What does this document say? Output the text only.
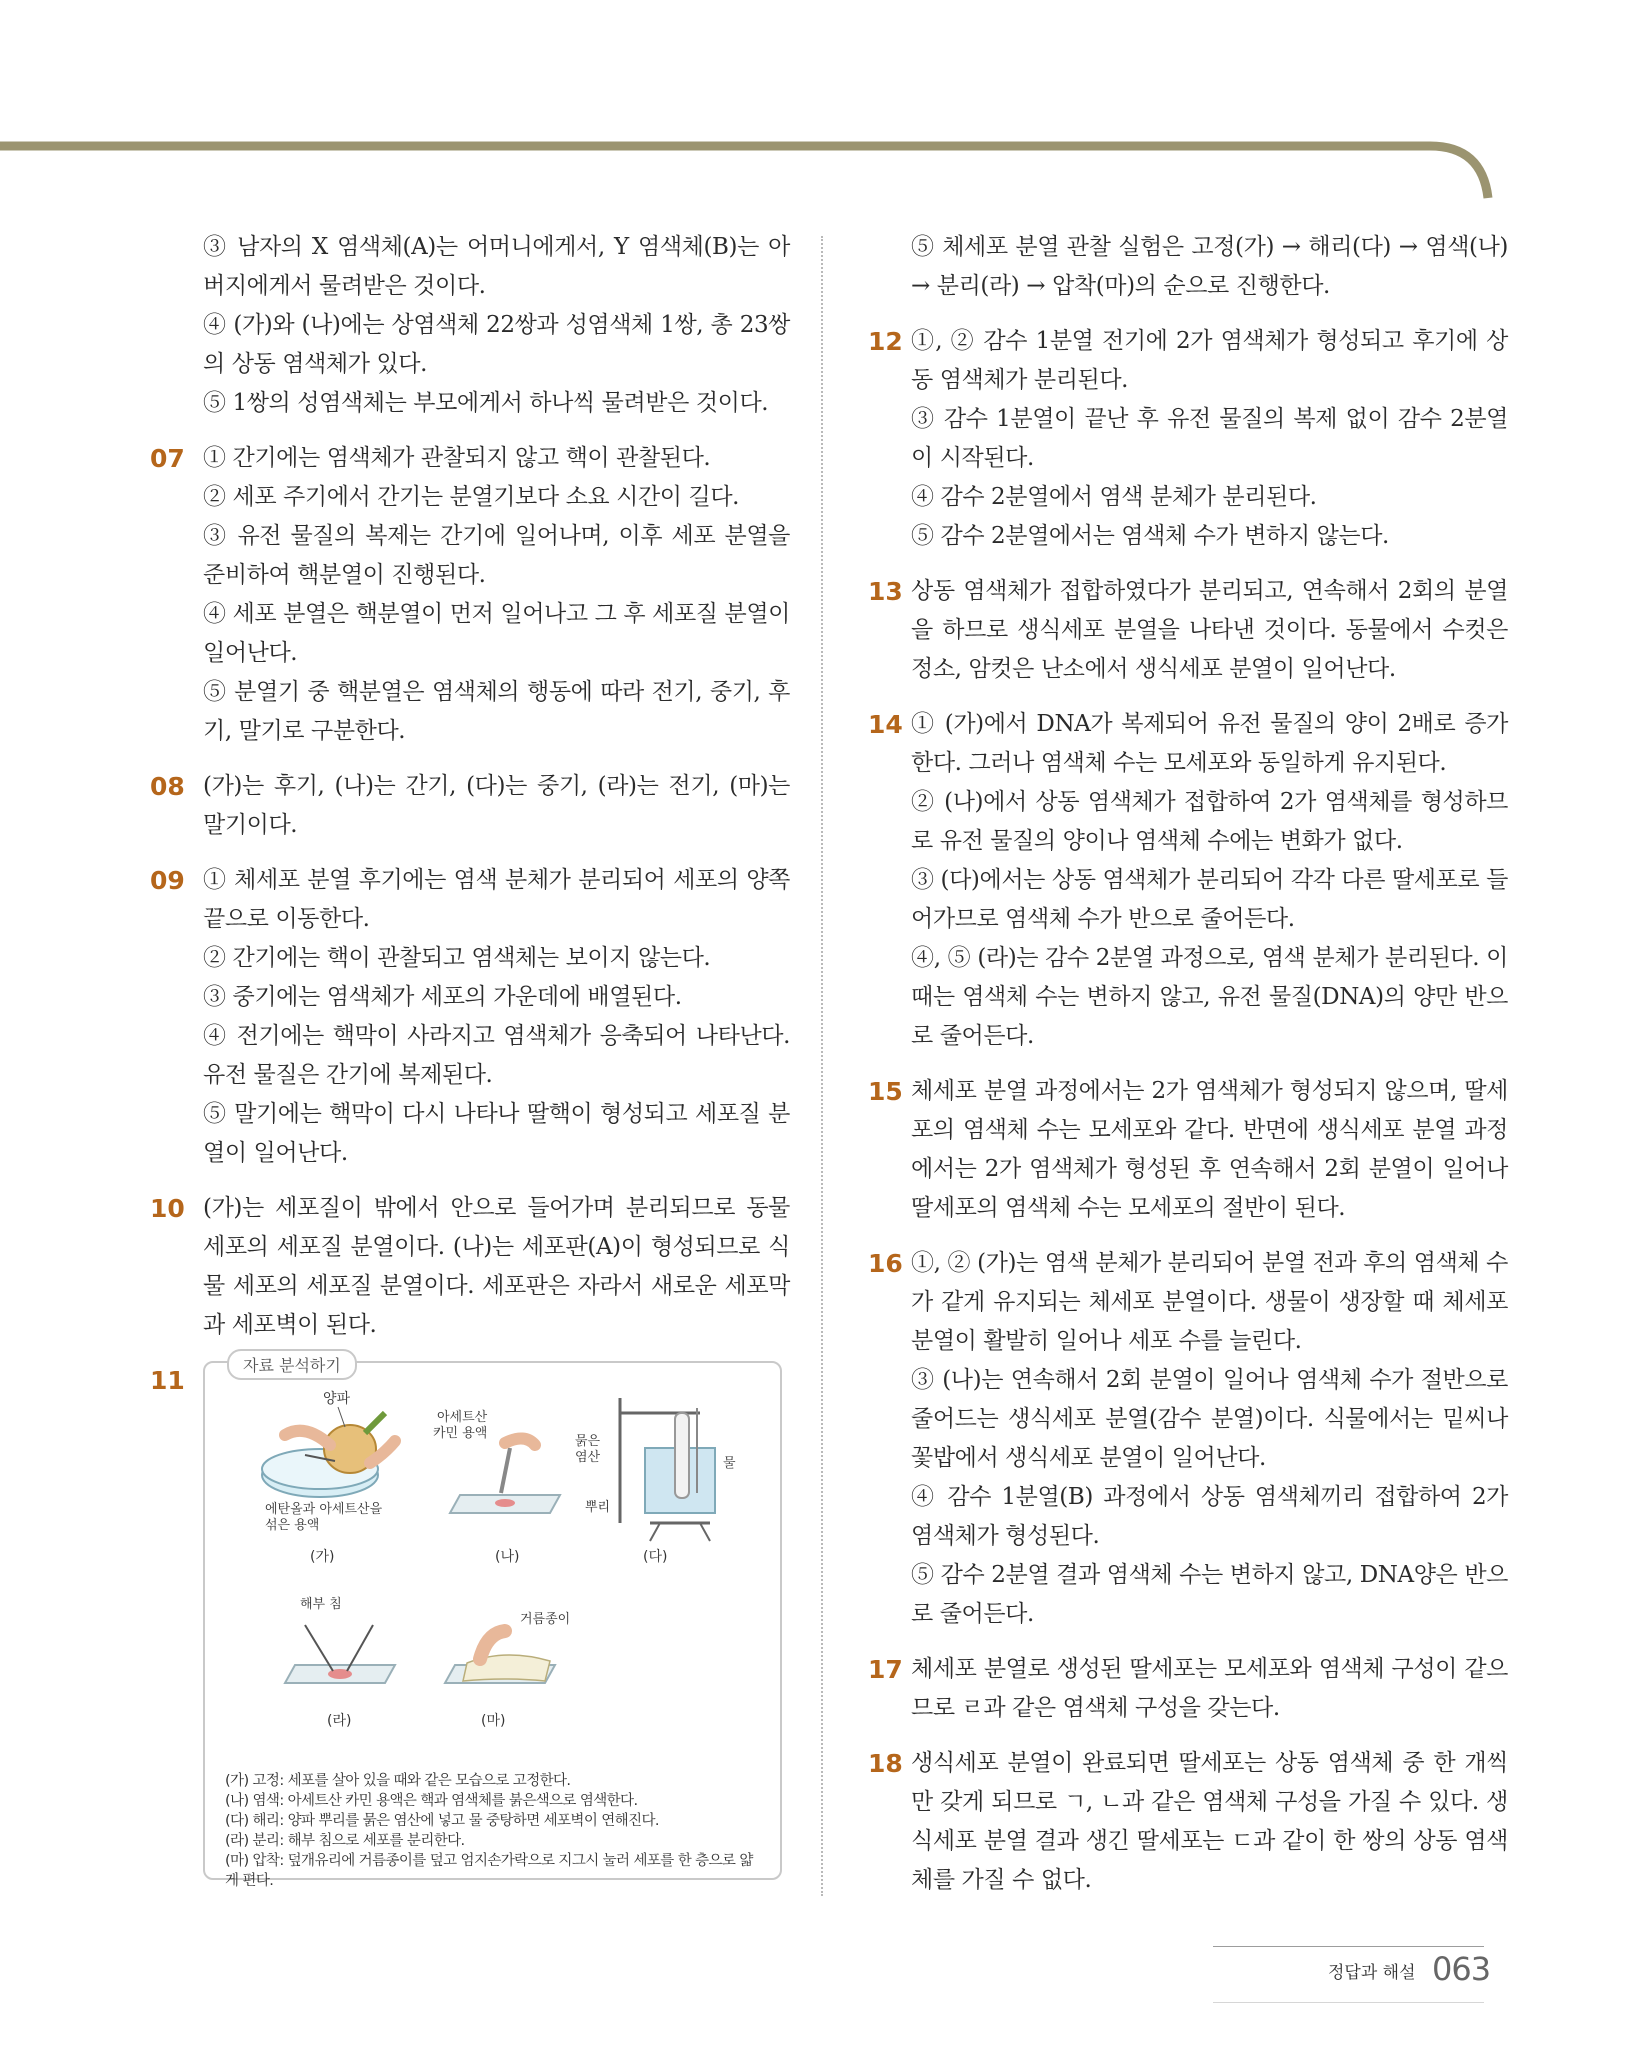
③ 남자의 X 염색체(A)는 어머니에게서, Y 염색체(B)는 아버지에게서 물려받은 것이다.

④ (가)와 (나)에는 상염색체 22쌍과 성염색체 1쌍, 총 23쌍의 상동 염색체가 있다.

⑤ 1쌍의 성염색체는 부모에게서 하나씩 물려받은 것이다.

07 ① 간기에는 염색체가 관찰되지 않고 핵이 관찰된다.

② 세포 주기에서 간기는 분열기보다 소요 시간이 길다.

③ 유전 물질의 복제는 간기에 일어나며, 이후 세포 분열을 준비하여 핵분열이 진행된다.

④ 세포 분열은 핵분열이 먼저 일어나고 그 후 세포질 분열이 일어난다.

⑤ 분열기 중 핵분열은 염색체의 행동에 따라 전기, 중기, 후기, 말기로 구분한다.

08 (가)는 후기, (나)는 간기, (다)는 중기, (라)는 전기, (마)는 말기이다.

09 ① 체세포 분열 후기에는 염색 분체가 분리되어 세포의 양쪽 끝으로 이동한다.

② 간기에는 핵이 관찰되고 염색체는 보이지 않는다.

③ 중기에는 염색체가 세포의 가운데에 배열된다.

④ 전기에는 핵막이 사라지고 염색체가 응축되어 나타난다. 유전 물질은 간기에 복제된다.

⑤ 말기에는 핵막이 다시 나타나 딸핵이 형성되고 세포질 분열이 일어난다.

10 (가)는 세포질이 밖에서 안으로 들어가며 분리되므로 동물 세포의 세포질 분열이다. (나)는 세포판(A)이 형성되므로 식물 세포의 세포질 분열이다. 세포판은 자라서 새로운 세포막과 세포벽이 된다.

11
자료 분석하기
양파
에탄올과 아세트산을
섞은 용액
(가)
아세트산
카민 용액
(나)
묽은
염산	물
뿌리
(다)
해부 침
(라)
거름종이
(마)

(가) 고정: 세포를 살아 있을 때와 같은 모습으로 고정한다.

(나) 염색: 아세트산 카민 용액은 핵과 염색체를 붉은색으로 염색한다.

(다) 해리: 양파 뿌리를 묽은 염산에 넣고 물 중탕하면 세포벽이 연해진다.

(라) 분리: 해부 침으로 세포를 분리한다.

(마) 압착: 덮개유리에 거름종이를 덮고 엄지손가락으로 지그시 눌러 세포를 한 층으로 얇게 편다.

⑤ 체세포 분열 관찰 실험은 고정(가) → 해리(다) → 염색(나) → 분리(라) → 압착(마)의 순으로 진행한다.

12 ①, ② 감수 1분열 전기에 2가 염색체가 형성되고 후기에 상동 염색체가 분리된다.

③ 감수 1분열이 끝난 후 유전 물질의 복제 없이 감수 2분열이 시작된다.

④ 감수 2분열에서 염색 분체가 분리된다.

⑤ 감수 2분열에서는 염색체 수가 변하지 않는다.

13 상동 염색체가 접합하였다가 분리되고, 연속해서 2회의 분열을 하므로 생식세포 분열을 나타낸 것이다. 동물에서 수컷은 정소, 암컷은 난소에서 생식세포 분열이 일어난다.

14 ① (가)에서 DNA가 복제되어 유전 물질의 양이 2배로 증가한다. 그러나 염색체 수는 모세포와 동일하게 유지된다.

② (나)에서 상동 염색체가 접합하여 2가 염색체를 형성하므로 유전 물질의 양이나 염색체 수에는 변화가 없다.

③ (다)에서는 상동 염색체가 분리되어 각각 다른 딸세포로 들어가므로 염색체 수가 반으로 줄어든다.

④, ⑤ (라)는 감수 2분열 과정으로, 염색 분체가 분리된다. 이때는 염색체 수는 변하지 않고, 유전 물질(DNA)의 양만 반으로 줄어든다.

15 체세포 분열 과정에서는 2가 염색체가 형성되지 않으며, 딸세포의 염색체 수는 모세포와 같다. 반면에 생식세포 분열 과정에서는 2가 염색체가 형성된 후 연속해서 2회 분열이 일어나 딸세포의 염색체 수는 모세포의 절반이 된다.

16 ①, ② (가)는 염색 분체가 분리되어 분열 전과 후의 염색체 수가 같게 유지되는 체세포 분열이다. 생물이 생장할 때 체세포 분열이 활발히 일어나 세포 수를 늘린다.

③ (나)는 연속해서 2회 분열이 일어나 염색체 수가 절반으로 줄어드는 생식세포 분열(감수 분열)이다. 식물에서는 밑씨나 꽃밥에서 생식세포 분열이 일어난다.

④ 감수 1분열(B) 과정에서 상동 염색체끼리 접합하여 2가 염색체가 형성된다.

⑤ 감수 2분열 결과 염색체 수는 변하지 않고, DNA양은 반으로 줄어든다.

17 체세포 분열로 생성된 딸세포는 모세포와 염색체 구성이 같으므로 ㄹ과 같은 염색체 구성을 갖는다.

18 생식세포 분열이 완료되면 딸세포는 상동 염색체 중 한 개씩만 갖게 되므로 ㄱ, ㄴ과 같은 염색체 구성을 가질 수 있다. 생식세포 분열 결과 생긴 딸세포는 ㄷ과 같이 한 쌍의 상동 염색체를 가질 수 없다.

정답과 해설 063
